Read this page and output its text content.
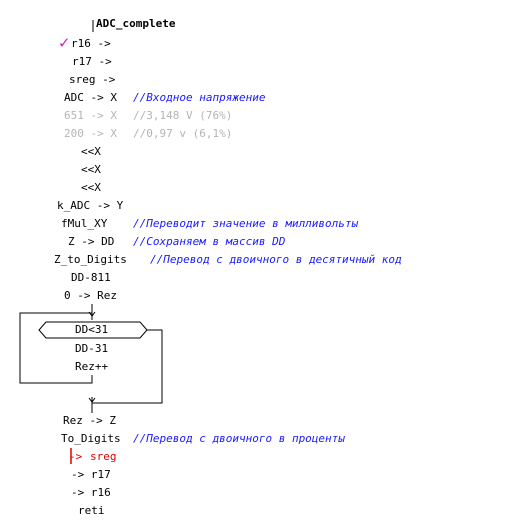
ADC_complete
✓ r16 ->
r17 ->
sreg ->
ADC -> X //Входное напряжение
651 -> X //3,148 V (76%)
200 -> X //0,97 v (6,1%)
<<X
<<X
<<X
k_ADC -> Y
fMul_XY //Переводит значение в милливольты
Z -> DD //Сохраняем в массив DD
Z_to_Digits //Перевод с двоичного в десятичный код
DD-811
0 -> Rez
DD<31
DD-31
Rez++
Rez -> Z
To_Digits //Перевод с двоичного в проценты
-> sreg
-> r17
-> r16
reti
